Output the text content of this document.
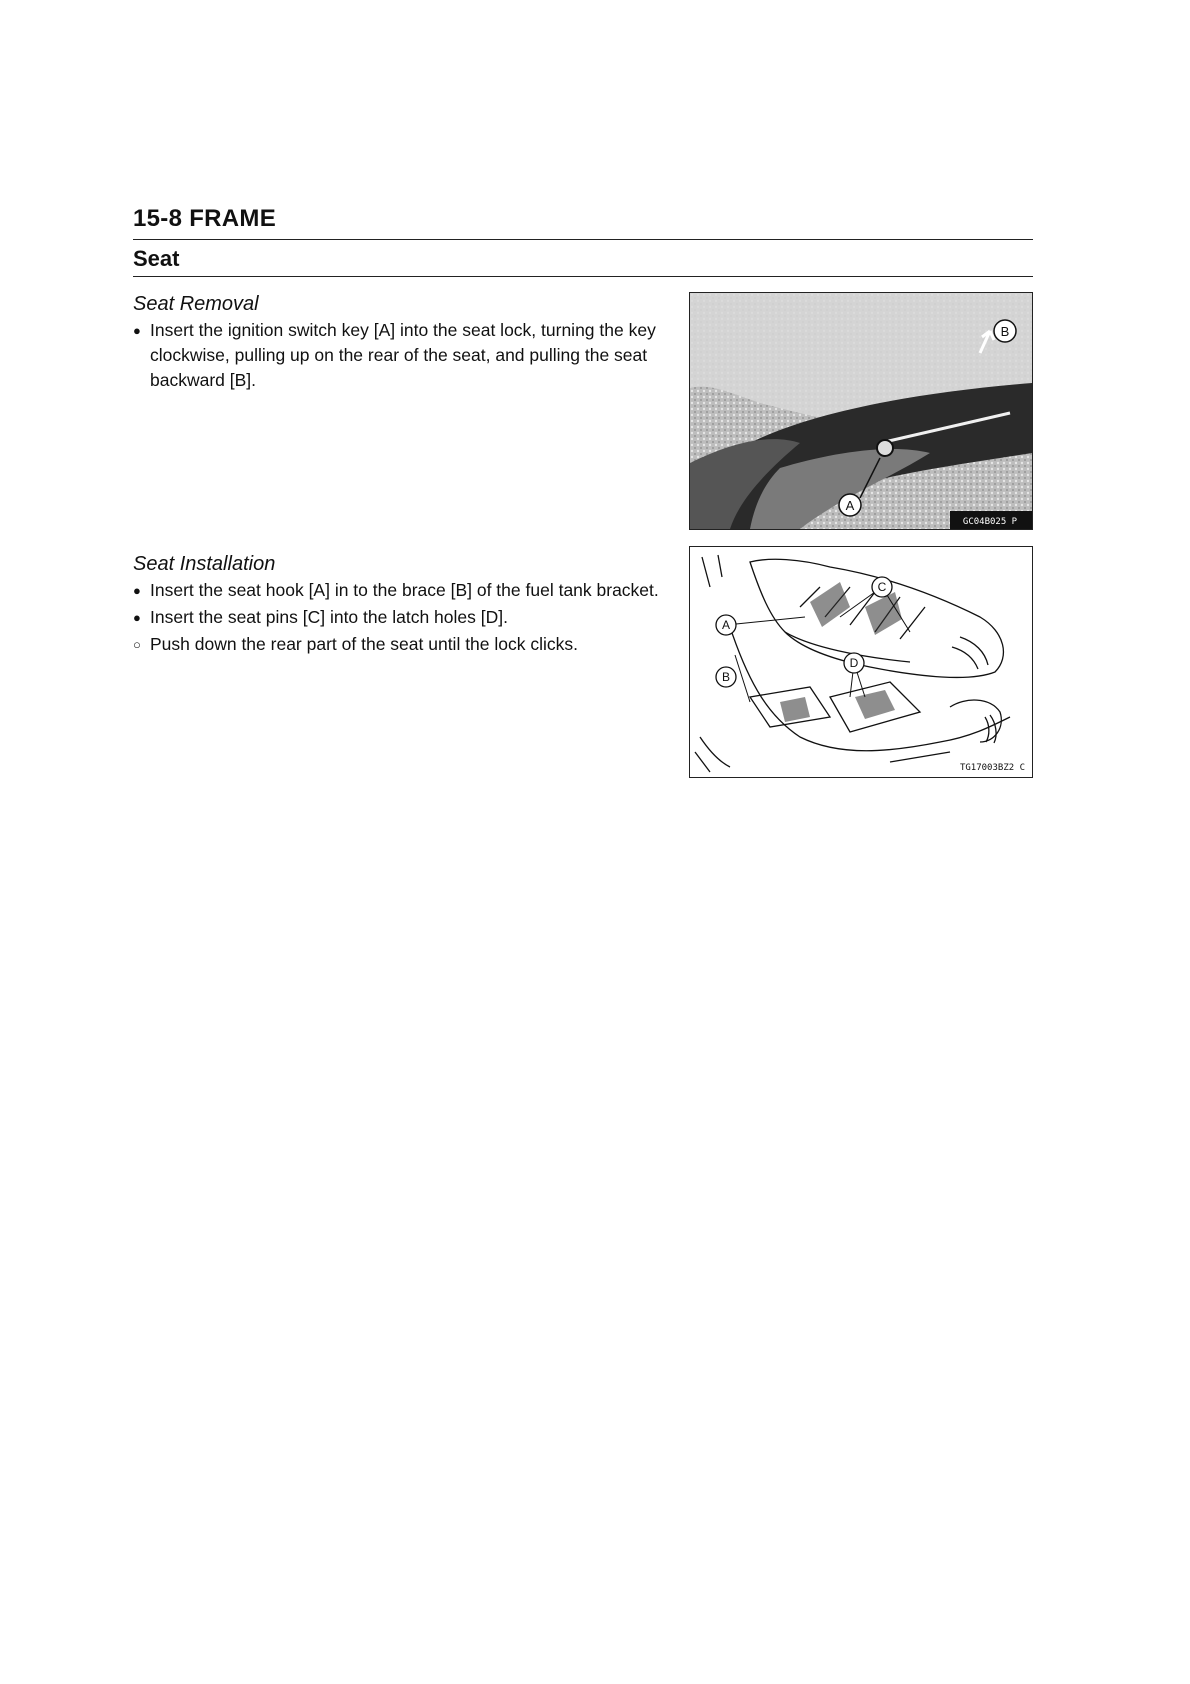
15-8 FRAME
Seat
Seat Removal
● Insert the ignition switch key [A] into the seat lock, turning the key clockwise, pulling up on the rear of the seat, and pulling the seat backward [B].
B
A
GC04B025 P
Seat Installation
● Insert the seat hook [A] in to the brace [B] of the fuel tank bracket.
● Insert the seat pins [C] into the latch holes [D].
○ Push down the rear part of the seat until the lock clicks.
A
B
C
D
TG17003BZ2 C
